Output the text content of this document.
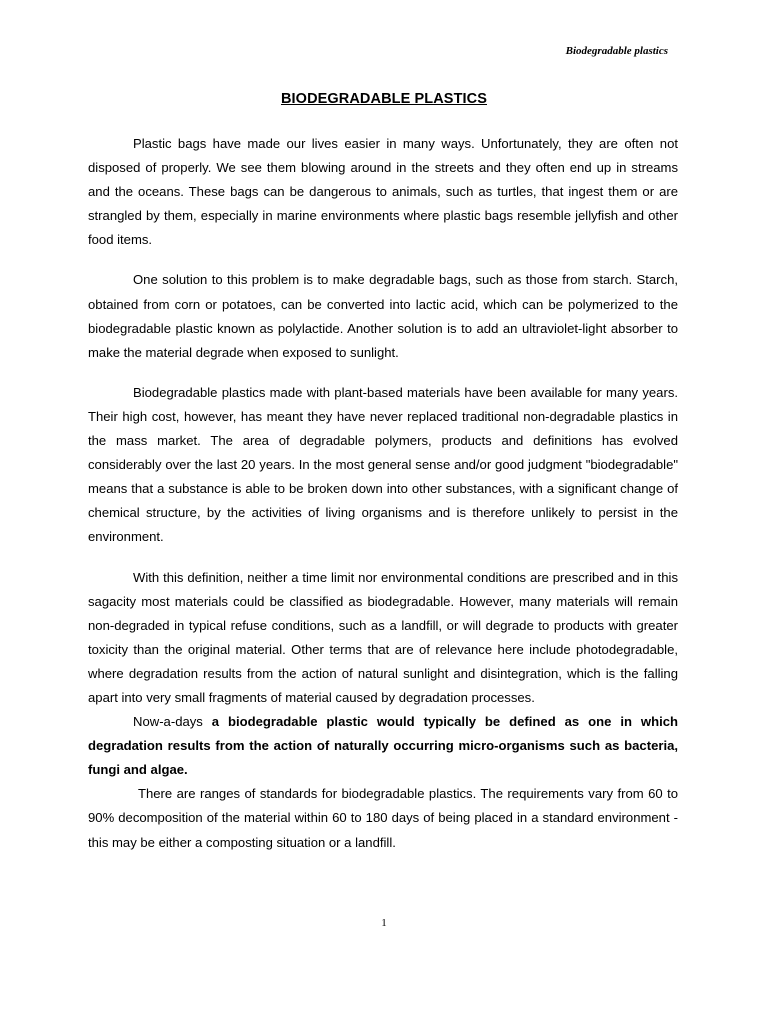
Biodegradable plastics
BIODEGRADABLE PLASTICS

Plastic bags have made our lives easier in many ways. Unfortunately, they are often not disposed of properly. We see them blowing around in the streets and they often end up in streams and the oceans. These bags can be dangerous to animals, such as turtles, that ingest them or are strangled by them, especially in marine environments where plastic bags resemble jellyfish and other food items.

One solution to this problem is to make degradable bags, such as those from starch. Starch, obtained from corn or potatoes, can be converted into lactic acid, which can be polymerized to the biodegradable plastic known as polylactide. Another solution is to add an ultraviolet-light absorber to make the material degrade when exposed to sunlight.

Biodegradable plastics made with plant-based materials have been available for many years. Their high cost, however, has meant they have never replaced traditional non-degradable plastics in the mass market. The area of degradable polymers, products and definitions has evolved considerably over the last 20 years. In the most general sense and/or good judgment "biodegradable" means that a substance is able to be broken down into other substances, with a significant change of chemical structure, by the activities of living organisms and is therefore unlikely to persist in the environment.

With this definition, neither a time limit nor environmental conditions are prescribed and in this sagacity most materials could be classified as biodegradable. However, many materials will remain non-degraded in typical refuse conditions, such as a landfill, or will degrade to products with greater toxicity than the original material. Other terms that are of relevance here include photodegradable, where degradation results from the action of natural sunlight and disintegration, which is the falling apart into very small fragments of material caused by degradation processes.

Now-a-days a biodegradable plastic would typically be defined as one in which degradation results from the action of naturally occurring micro-organisms such as bacteria, fungi and algae.

There are ranges of standards for biodegradable plastics. The requirements vary from 60 to 90% decomposition of the material within 60 to 180 days of being placed in a standard environment - this may be either a composting situation or a landfill.

1
